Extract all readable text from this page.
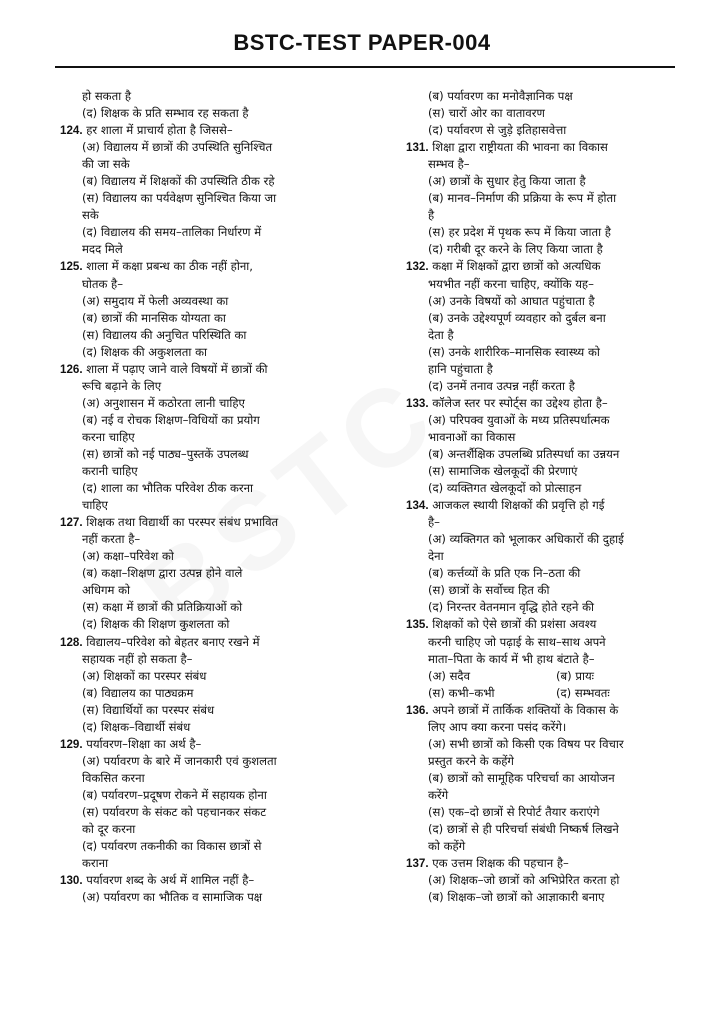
BSTC-TEST PAPER-004
हो सकता है
(द) शिक्षक के प्रति सम्भाव रह सकता है
124. हर शाला में प्राचार्य होता है जिससे–
(अ) विद्यालय में छात्रों की उपस्थिति सुनिश्चित
की जा सके
(ब) विद्यालय में शिक्षकों की उपस्थिति ठीक रहे
(स) विद्यालय का पर्यवेक्षण सुनिश्चित किया जा
सके
(द) विद्यालय की समय–तालिका निर्धारण में
मदद मिले
125. शाला में कक्षा प्रबन्ध का ठीक नहीं होना,
घोतक है–
(अ) समुदाय में फेली अव्यवस्था का
(ब) छात्रों की मानसिक योग्यता का
(स) विद्यालय की अनुचित परिस्थिति का
(द) शिक्षक की अकुशलता का
126. शाला में पढ़ाए जाने वाले विषयों में छात्रों की
रूचि बढ़ाने के लिए
(अ) अनुशासन में कठोरता लानी चाहिए
(ब) नई व रोचक शिक्षण–विधियों का प्रयोग
करना चाहिए
(स) छात्रों को नई पाठ्य–पुस्तकें उपलब्ध
करानी चाहिए
(द) शाला का भौतिक परिवेश ठीक करना
चाहिए
127. शिक्षक तथा विद्यार्थी का परस्पर संबंध प्रभावित
नहीं करता है–
(अ) कक्षा–परिवेश को
(ब) कक्षा–शिक्षण द्वारा उत्पन्न होने वाले
अधिगम को
(स) कक्षा में छात्रों की प्रतिक्रियाओं को
(द) शिक्षक की शिक्षण कुशलता को
128. विद्यालय–परिवेश को बेहतर बनाए रखने में
सहायक नहीं हो सकता है–
(अ) शिक्षकों का परस्पर संबंध
(ब) विद्यालय का पाठ्यक्रम
(स) विद्यार्थियों का परस्पर संबंध
(द) शिक्षक–विद्यार्थी संबंध
129. पर्यावरण–शिक्षा का अर्थ है–
(अ) पर्यावरण के बारे में जानकारी एवं कुशलता
विकसित करना
(ब) पर्यावरण–प्रदूषण रोकने में सहायक होना
(स) पर्यावरण के संकट को पहचानकर संकट
को दूर करना
(द) पर्यावरण तकनीकी का विकास छात्रों से
कराना
130. पर्यावरण शब्द के अर्थ में शामिल नहीं है–
(अ) पर्यावरण का भौतिक व सामाजिक पक्ष
(ब) पर्यावरण का मनोवैज्ञानिक पक्ष
(स) चारों ओर का वातावरण
(द) पर्यावरण से जुड़े इतिहासवेत्ता
131. शिक्षा द्वारा राष्ट्रीयता की भावना का विकास
सम्भव है–
(अ) छात्रों के सुधार हेतु किया जाता है
(ब) मानव–निर्माण की प्रक्रिया के रूप में होता
है
(स) हर प्रदेश में पृथक रूप में किया जाता है
(द) गरीबी दूर करने के लिए किया जाता है
132. कक्षा में शिक्षकों द्वारा छात्रों को अत्यधिक
भयभीत नहीं करना चाहिए, क्योंकि यह–
(अ) उनके विषयों को आघात पहुंचाता है
(ब) उनके उद्देश्यपूर्ण व्यवहार को दुर्बल बना
देता है
(स) उनके शारीरिक–मानसिक स्वास्थ्य को
हानि पहुंचाता है
(द) उनमें तनाव उत्पन्न नहीं करता है
133. कॉलेज स्तर पर स्पोर्ट्स का उद्देश्य होता है–
(अ) परिपक्व युवाओं के मध्य प्रतिस्पर्धात्मक
भावनाओं का विकास
(ब) अन्तर्शैक्षिक उपलब्धि प्रतिस्पर्धा का उन्नयन
(स) सामाजिक खेलकूदों की प्रेरणाएं
(द) व्यक्तिगत खेलकूदों को प्रोत्साहन
134. आजकल स्थायी शिक्षकों की प्रवृत्ति हो गई
है–
(अ) व्यक्तिगत को भूलाकर अधिकारों की दुहाई
देना
(ब) कर्त्तव्यों के प्रति एक नि–ठता की
(स) छात्रों के सर्वोच्च हित की
(द) निरन्तर वेतनमान वृद्धि होते रहने की
135. शिक्षकों को ऐसे छात्रों की प्रशंसा अवश्य
करनी चाहिए जो पढ़ाई के साथ–साथ अपने
माता–पिता के कार्य में भी हाथ बंटाते है–
(अ) सदैव	(ब) प्रायः
(स) कभी–कभी	(द) सम्भवतः
136. अपने छात्रों में तार्किक शक्तियों के विकास के
लिए आप क्या करना पसंद करेंगे।
(अ) सभी छात्रों को किसी एक विषय पर विचार
प्रस्तुत करने के कहेंगे
(ब) छात्रों को सामूहिक परिचर्चा का आयोजन
करेंगे
(स) एक–दो छात्रों से रिपोर्ट तैयार कराएंगे
(द) छात्रों से ही परिचर्चा संबंधी निष्कर्ष लिखने
को कहेंगे
137. एक उत्तम शिक्षक की पहचान है–
(अ) शिक्षक–जो छात्रों को अभिप्रेरित करता हो
(ब) शिक्षक–जो छात्रों को आज्ञाकारी बनाए
